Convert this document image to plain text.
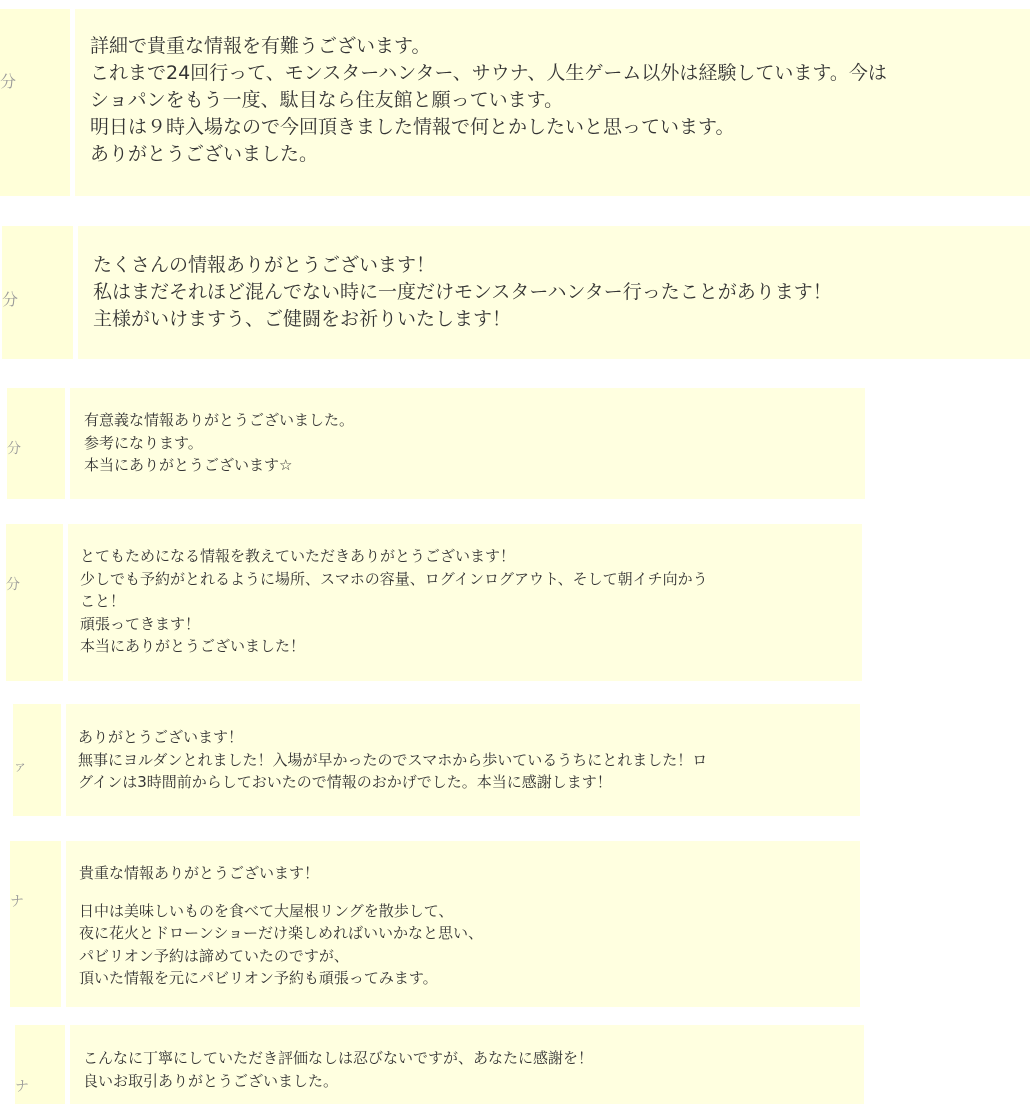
分
詳細で貴重な情報を有難うございます。
これまで24回行って、モンスターハンター、サウナ、人生ゲーム以外は経験しています。今は
ショパンをもう一度、駄目なら住友館と願っています。
明日は９時入場なので今回頂きました情報で何とかしたいと思っています。
ありがとうございました。
分
たくさんの情報ありがとうございます！
私はまだそれほど混んでない時に一度だけモンスターハンター行ったことがあります！
主様がいけますう、ご健闘をお祈りいたします！
分
有意義な情報ありがとうございました。
参考になります。
本当にありがとうございます☆
分
とてもためになる情報を教えていただきありがとうございます！
少しでも予約がとれるように場所、スマホの容量、ログインログアウト、そして朝イチ向かう
こと！
頑張ってきます！
本当にありがとうございました！
ァ
ありがとうございます！
無事にヨルダンとれました！入場が早かったのでスマホから歩いているうちにとれました！ロ
グインは3時間前からしておいたので情報のおかげでした。本当に感謝します！
ナ
貴重な情報ありがとうございます！
日中は美味しいものを食べて大屋根リングを散歩して、
夜に花火とドローンショーだけ楽しめればいいかなと思い、
パビリオン予約は諦めていたのですが、
頂いた情報を元にパビリオン予約も頑張ってみます。
ナ
こんなに丁寧にしていただき評価なしは忍びないですが、あなたに感謝を！
良いお取引ありがとうございました。
